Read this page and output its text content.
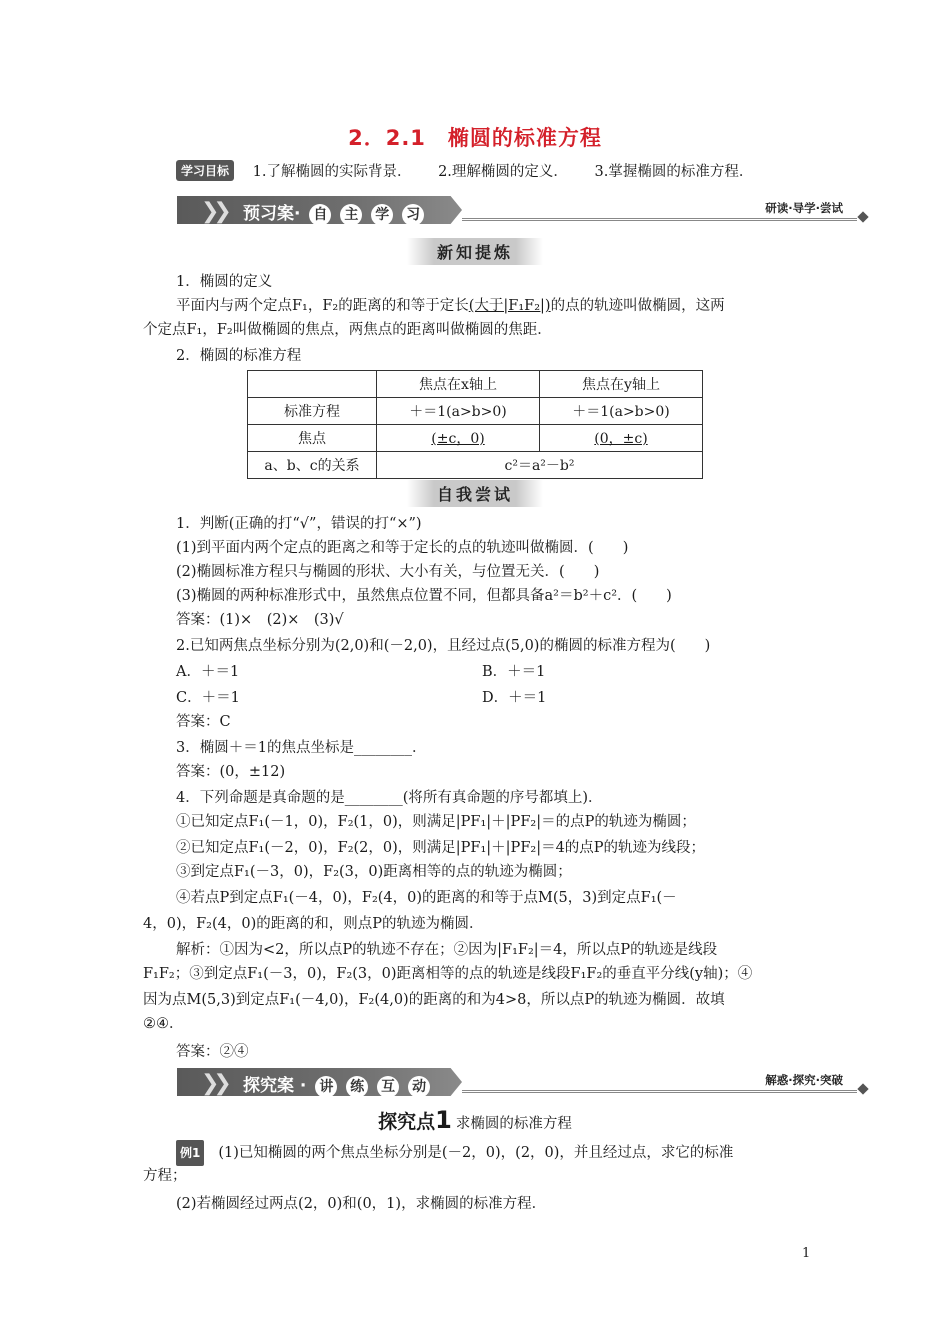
2．2.1　椭圆的标准方程
学习目标 1.了解椭圆的实际背景． 2.理解椭圆的定义． 3.掌握椭圆的标准方程．
❯❯ 预习案· 自 主 学 习	研读·导学·尝试
新知提炼
1．椭圆的定义
平面内与两个定点F₁，F₂的距离的和等于定长(大于|F₁F₂|)的点的轨迹叫做椭圆，这两
个定点F₁，F₂叫做椭圆的焦点，两焦点的距离叫做椭圆的焦距．
2．椭圆的标准方程
	焦点在x轴上	焦点在y轴上
标准方程	＋＝1(a>b>0)	＋＝1(a>b>0)
焦点	(±c，0)	(0，±c)
a、b、c的关系	c²＝a²－b²	
自我尝试
1．判断(正确的打“√”，错误的打“×”)
(1)到平面内两个定点的距离之和等于定长的点的轨迹叫做椭圆．(　　)
(2)椭圆标准方程只与椭圆的形状、大小有关，与位置无关．(　　)
(3)椭圆的两种标准形式中，虽然焦点位置不同，但都具备a²＝b²＋c²．(　　)
答案：(1)×　(2)×　(3)√
2.已知两焦点坐标分别为(2,0)和(－2,0)，且经过点(5,0)的椭圆的标准方程为(　　)
A．＋＝1	B．＋＝1
C．＋＝1	D．＋＝1
答案：C
3．椭圆＋＝1的焦点坐标是________．
答案：(0，±12)
4．下列命题是真命题的是________(将所有真命题的序号都填上)．
①已知定点F₁(－1，0)，F₂(1，0)，则满足|PF₁|＋|PF₂|＝的点P的轨迹为椭圆；
②已知定点F₁(－2，0)，F₂(2，0)，则满足|PF₁|＋|PF₂|＝4的点P的轨迹为线段；
③到定点F₁(－3，0)，F₂(3，0)距离相等的点的轨迹为椭圆；
④若点P到定点F₁(－4，0)，F₂(4，0)的距离的和等于点M(5，3)到定点F₁(－
4，0)，F₂(4，0)的距离的和，则点P的轨迹为椭圆．
解析：①因为<2，所以点P的轨迹不存在；②因为|F₁F₂|＝4，所以点P的轨迹是线段
F₁F₂；③到定点F₁(－3，0)，F₂(3，0)距离相等的点的轨迹是线段F₁F₂的垂直平分线(y轴)；④
因为点M(5,3)到定点F₁(－4,0)，F₂(4,0)的距离的和为4>8，所以点P的轨迹为椭圆．故填
②④．
答案：②④
❯❯ 探究案 · 讲 练 互 动	解惑·探究·突破
探究点1 求椭圆的标准方程
例1 (1)已知椭圆的两个焦点坐标分别是(－2，0)，(2，0)，并且经过点，求它的标准
方程；
(2)若椭圆经过两点(2，0)和(0，1)，求椭圆的标准方程．
1
